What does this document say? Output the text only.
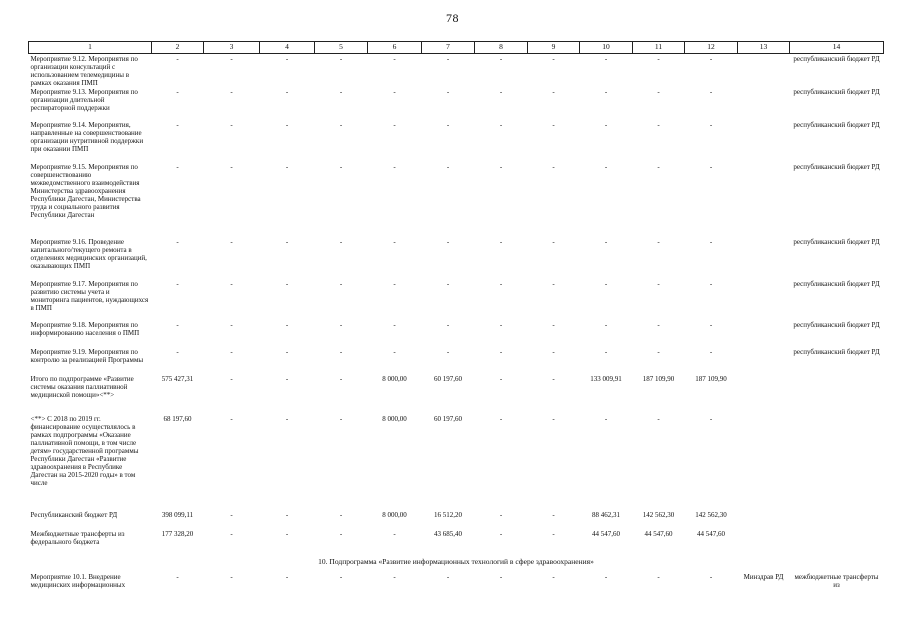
78
1	2	3	4	5	6	7	8	9	10	11	12	13	14
Мероприятие 9.12. Мероприятия по организации консультаций с использованием телемедицины в рамках оказания ПМП	-	-	-	-	-	-	-	-	-	-	-		республиканский бюджет РД
Мероприятие 9.13. Мероприятия по организации длительной респираторной поддержки	-	-	-	-	-	-	-	-	-	-	-		республиканский бюджет РД
Мероприятие 9.14. Мероприятия, направленные на совершенствование организации нутритивной поддержки при оказании ПМП	-	-	-	-	-	-	-	-	-	-	-		республиканский бюджет РД
Мероприятие 9.15. Мероприятия по совершенствованию межведомственного взаимодействия Министерства здравоохранения Республики Дагестан, Министерства труда и социального развития Республики Дагестан	-	-	-	-	-	-	-	-	-	-	-		республиканский бюджет РД
Мероприятие 9.16. Проведение капитального/текущего ремонта в отделениях медицинских организаций, оказывающих ПМП	-	-	-	-	-	-	-	-	-	-	-		республиканский бюджет РД
Мероприятие 9.17. Мероприятия по развитию системы учета и мониторинга пациентов, нуждающихся в ПМП	-	-	-	-	-	-	-	-	-	-	-		республиканский бюджет РД
Мероприятие 9.18. Мероприятия по информированию населения о ПМП	-	-	-	-	-	-	-	-	-	-	-		республиканский бюджет РД
Мероприятие 9.19. Мероприятия по контролю за реализацией Программы	-	-	-	-	-	-	-	-	-	-	-		республиканский бюджет РД
Итого по подпрограмме «Развитие системы оказания паллиативной медицинской помощи»<**>	575 427,31	-	-	-	8 000,00	60 197,60	-	-	133 009,91	187 109,90	187 109,90		
<**> С 2018 по 2019 гг. финансирование осуществлялось в рамках подпрограммы «Оказание паллиативной помощи, в том числе детям» государственной программы Республики Дагестан «Развитие здравоохранения в Республике Дагестан на 2015-2020 годы» в том числе	68 197,60	-	-	-	8 000,00	60 197,60	-	-	-	-	-		
Республиканский бюджет РД	398 099,11	-	-	-	8 000,00	16 512,20	-	-	88 462,31	142 562,30	142 562,30		
Межбюджетные трансферты из федерального бюджета	177 328,20	-	-	-	-	43 685,40	-	-	44 547,60	44 547,60	44 547,60		
10. Подпрограмма «Развитие информационных технологий в сфере здравоохранения»													
Мероприятие 10.1. Внедрение медицинских информационных	-	-	-	-	-	-	-	-	-	-	-	Минздрав РД	межбюджетные трансферты из
